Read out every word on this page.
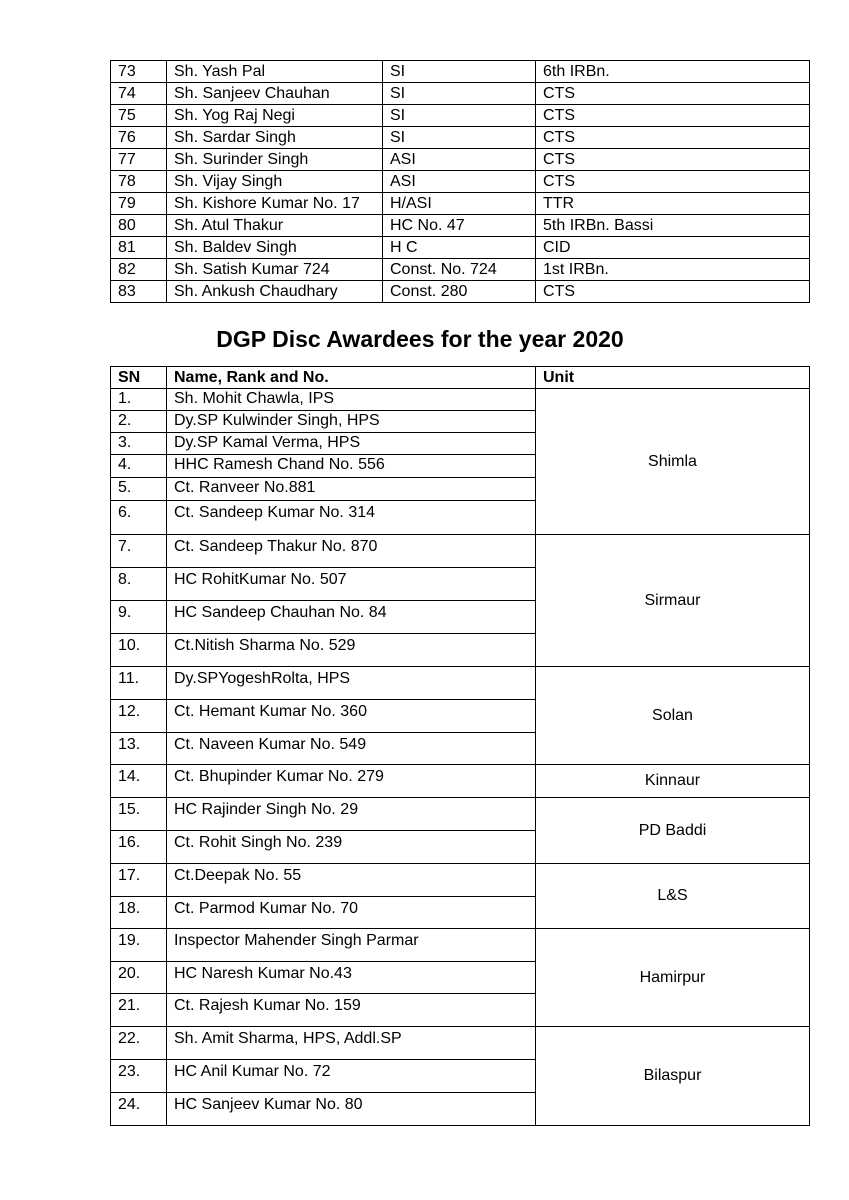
73	Sh. Yash Pal	SI	6th IRBn.
74	Sh. Sanjeev Chauhan	SI	CTS
75	Sh. Yog Raj Negi	SI	CTS
76	Sh. Sardar Singh	SI	CTS
77	Sh. Surinder Singh	ASI	CTS
78	Sh. Vijay Singh	ASI	CTS
79	Sh. Kishore Kumar No. 17	H/ASI	TTR
80	Sh. Atul Thakur	HC No. 47	5th IRBn. Bassi
81	Sh. Baldev Singh	H C	CID
82	Sh. Satish Kumar 724	Const. No. 724	1st IRBn.
83	Sh. Ankush Chaudhary	Const. 280	CTS
DGP Disc Awardees for the year 2020
SN	Name, Rank and No.	Unit
1.	Sh. Mohit Chawla, IPS	Shimla
2.	Dy.SP Kulwinder Singh, HPS	
3.	Dy.SP Kamal Verma, HPS	
4.	HHC Ramesh Chand No. 556	
5.	Ct. Ranveer No.881	
6.	Ct. Sandeep Kumar No. 314	
7.	Ct. Sandeep Thakur No. 870	Sirmaur
8.	HC RohitKumar No. 507	
9.	HC Sandeep Chauhan No. 84	
10.	Ct.Nitish Sharma No. 529	
11.	Dy.SPYogeshRolta, HPS	Solan
12.	Ct. Hemant Kumar No. 360	
13.	Ct. Naveen Kumar No. 549	
14.	Ct. Bhupinder Kumar No. 279	Kinnaur
15.	HC Rajinder Singh No. 29	PD Baddi
16.	Ct. Rohit Singh No. 239	
17.	Ct.Deepak No. 55	L&S
18.	Ct. Parmod Kumar No. 70	
19.	Inspector Mahender Singh Parmar	Hamirpur
20.	HC Naresh Kumar No.43	
21.	Ct. Rajesh Kumar No. 159	
22.	Sh. Amit Sharma, HPS, Addl.SP	Bilaspur
23.	HC Anil Kumar No. 72	
24.	HC Sanjeev Kumar No. 80	
